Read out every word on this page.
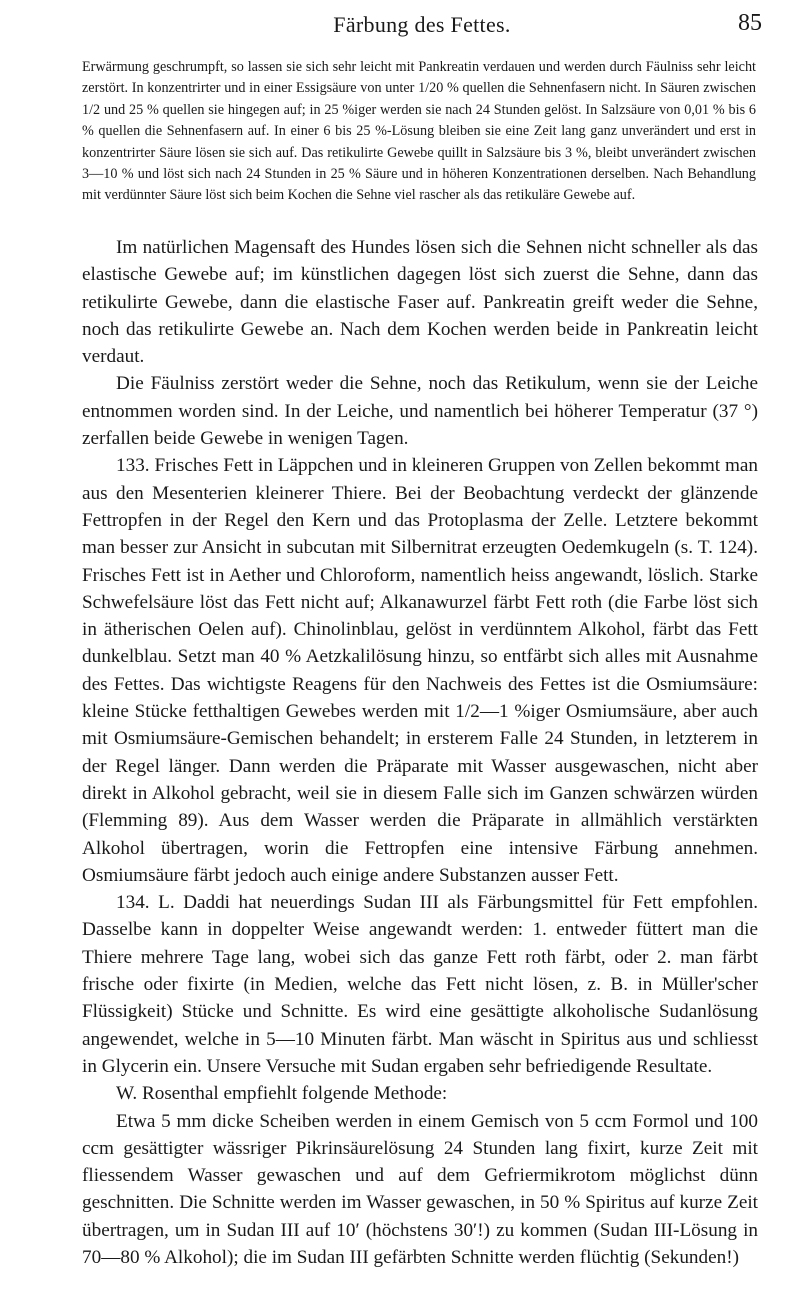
Färbung des Fettes.	85
Erwärmung geschrumpft, so lassen sie sich sehr leicht mit Pankreatin verdauen und werden durch Fäulniss sehr leicht zerstört. In konzentrirter und in einer Essigsäure von unter 1/20 % quellen die Sehnenfasern nicht. In Säuren zwischen 1/2 und 25 % quellen sie hingegen auf; in 25 %iger werden sie nach 24 Stunden gelöst. In Salzsäure von 0,01 % bis 6 % quellen die Sehnenfasern auf. In einer 6 bis 25 %-Lösung bleiben sie eine Zeit lang ganz unverändert und erst in konzentrirter Säure lösen sie sich auf. Das retikulirte Gewebe quillt in Salzsäure bis 3 %, bleibt unverändert zwischen 3—10 % und löst sich nach 24 Stunden in 25 % Säure und in höheren Konzentrationen derselben. Nach Behandlung mit verdünnter Säure löst sich beim Kochen die Sehne viel rascher als das retikuläre Gewebe auf.

Im natürlichen Magensaft des Hundes lösen sich die Sehnen nicht schneller als das elastische Gewebe auf; im künstlichen dagegen löst sich zuerst die Sehne, dann das retikulirte Gewebe, dann die elastische Faser auf. Pankreatin greift weder die Sehne, noch das retikulirte Gewebe an. Nach dem Kochen werden beide in Pankreatin leicht verdaut.

Die Fäulniss zerstört weder die Sehne, noch das Retikulum, wenn sie der Leiche entnommen worden sind. In der Leiche, und namentlich bei höherer Temperatur (37 °) zerfallen beide Gewebe in wenigen Tagen.

133. Frisches Fett in Läppchen und in kleineren Gruppen von Zellen bekommt man aus den Mesenterien kleinerer Thiere. Bei der Beobachtung verdeckt der glänzende Fettropfen in der Regel den Kern und das Protoplasma der Zelle. Letztere bekommt man besser zur Ansicht in subcutan mit Silbernitrat erzeugten Oedemkugeln (s. T. 124). Frisches Fett ist in Aether und Chloroform, namentlich heiss angewandt, löslich. Starke Schwefelsäure löst das Fett nicht auf; Alkanawurzel färbt Fett roth (die Farbe löst sich in ätherischen Oelen auf). Chinolinblau, gelöst in verdünntem Alkohol, färbt das Fett dunkelblau. Setzt man 40 % Aetzkalilösung hinzu, so entfärbt sich alles mit Ausnahme des Fettes. Das wichtigste Reagens für den Nachweis des Fettes ist die Osmiumsäure: kleine Stücke fetthaltigen Gewebes werden mit 1/2—1 %iger Osmiumsäure, aber auch mit Osmiumsäure-Gemischen behandelt; in ersterem Falle 24 Stunden, in letzterem in der Regel länger. Dann werden die Präparate mit Wasser ausgewaschen, nicht aber direkt in Alkohol gebracht, weil sie in diesem Falle sich im Ganzen schwärzen würden (Flemming 89). Aus dem Wasser werden die Präparate in allmählich verstärkten Alkohol übertragen, worin die Fettropfen eine intensive Färbung annehmen. Osmiumsäure färbt jedoch auch einige andere Substanzen ausser Fett.

134. L. Daddi hat neuerdings Sudan III als Färbungsmittel für Fett empfohlen. Dasselbe kann in doppelter Weise angewandt werden: 1. entweder füttert man die Thiere mehrere Tage lang, wobei sich das ganze Fett roth färbt, oder 2. man färbt frische oder fixirte (in Medien, welche das Fett nicht lösen, z. B. in Müller'scher Flüssigkeit) Stücke und Schnitte. Es wird eine gesättigte alkoholische Sudanlösung angewendet, welche in 5—10 Minuten färbt. Man wäscht in Spiritus aus und schliesst in Glycerin ein. Unsere Versuche mit Sudan ergaben sehr befriedigende Resultate.

W. Rosenthal empfiehlt folgende Methode:

Etwa 5 mm dicke Scheiben werden in einem Gemisch von 5 ccm Formol und 100 ccm gesättigter wässriger Pikrinsäurelösung 24 Stunden lang fixirt, kurze Zeit mit fliessendem Wasser gewaschen und auf dem Gefriermikrotom möglichst dünn geschnitten. Die Schnitte werden im Wasser gewaschen, in 50 % Spiritus auf kurze Zeit übertragen, um in Sudan III auf 10′ (höchstens 30′!) zu kommen (Sudan III-Lösung in 70—80 % Alkohol); die im Sudan III gefärbten Schnitte werden flüchtig (Sekunden!)
